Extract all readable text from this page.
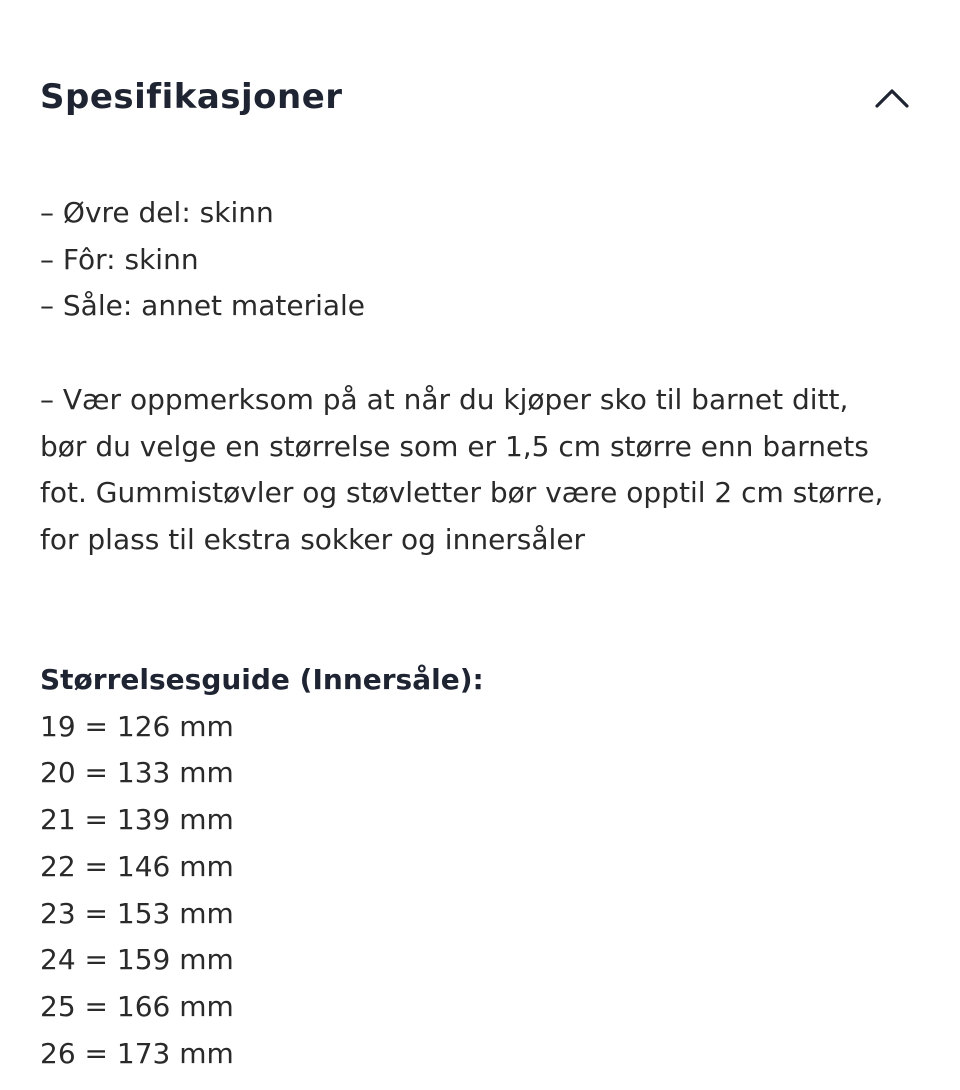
Spesifikasjoner
– Øvre del: skinn
– Fôr: skinn
– Såle: annet materiale
– Vær oppmerksom på at når du kjøper sko til barnet ditt,
bør du velge en størrelse som er 1,5 cm større enn barnets
fot. Gummistøvler og støvletter bør være opptil 2 cm større,
for plass til ekstra sokker og innersåler
Størrelsesguide (Innersåle):
19 = 126 mm
20 = 133 mm
21 = 139 mm
22 = 146 mm
23 = 153 mm
24 = 159 mm
25 = 166 mm
26 = 173 mm
